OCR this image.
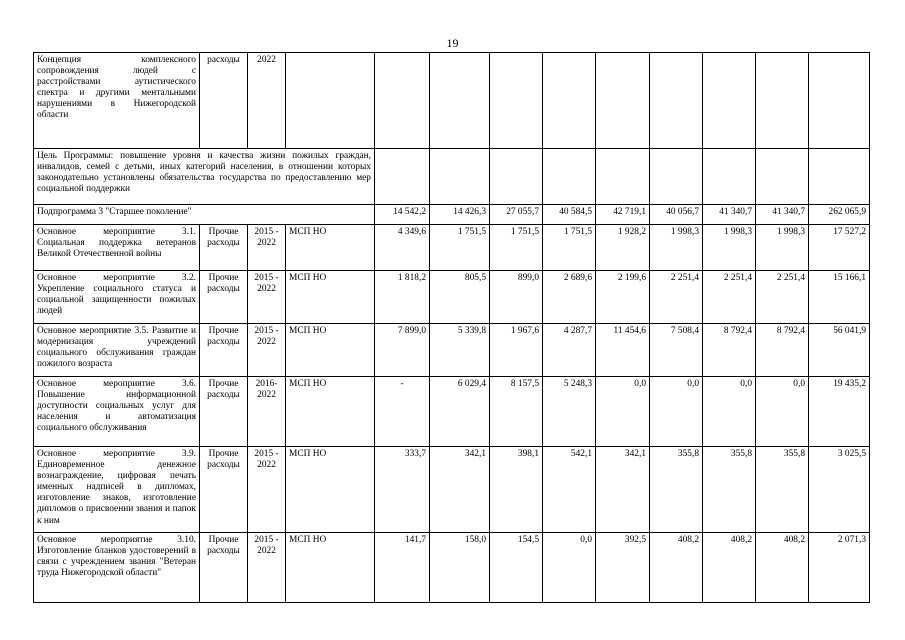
19
Концепция комплексного сопровождения людей с расстройствами аутистического спектра и другими ментальными нарушениями в Нижегородской области	расходы	2022										
Цель Программы: повышение уровня и качества жизни пожилых граждан, инвалидов, семей с детьми, иных категорий населения, в отношении которых законодательно установлены обязательства государства по предоставлению мер социальной поддержки												
Подпрограмма 3 "Старшее поколение"				14 542,2	14 426,3	27 055,7	40 584,5	42 719,1	40 056,7	41 340,7	41 340,7	262 065,9
Основное мероприятие 3.1. Социальная поддержка ветеранов Великой Отечественной войны	Прочие расходы	2015 - 2022	МСП НО	4 349,6	1 751,5	1 751,5	1 751,5	1 928,2	1 998,3	1 998,3	1 998,3	17 527,2
Основное мероприятие 3.2. Укрепление социального статуса и социальной защищенности пожилых людей	Прочие расходы	2015 - 2022	МСП НО	1 818,2	805,5	899,0	2 689,6	2 199,6	2 251,4	2 251,4	2 251,4	15 166,1
Основное мероприятие 3.5. Развитие и модернизация учреждений социального обслуживания граждан пожилого возраста	Прочие расходы	2015 - 2022	МСП НО	7 899,0	5 339,8	1 967,6	4 287,7	11 454,6	7 508,4	8 792,4	8 792,4	56 041,9
Основное мероприятие 3.6. Повышение информационной доступности социальных услуг для населения и автоматизация социального обслуживания	Прочие расходы	2016-2022	МСП НО	-	6 029,4	8 157,5	5 248,3	0,0	0,0	0,0	0,0	19 435,2
Основное мероприятие 3.9. Единовременное денежное вознаграждение, цифровая печать именных надписей в дипломах, изготовление знаков, изготовление дипломов о присвоении звания и папок к ним	Прочие расходы	2015 - 2022	МСП НО	333,7	342,1	398,1	542,1	342,1	355,8	355,8	355,8	3 025,5
Основное мероприятие 3.10. Изготовление бланков удостоверений в связи с учреждением звания "Ветеран труда Нижегородской области"	Прочие расходы	2015 - 2022	МСП НО	141,7	158,0	154,5	0,0	392,5	408,2	408,2	408,2	2 071,3
